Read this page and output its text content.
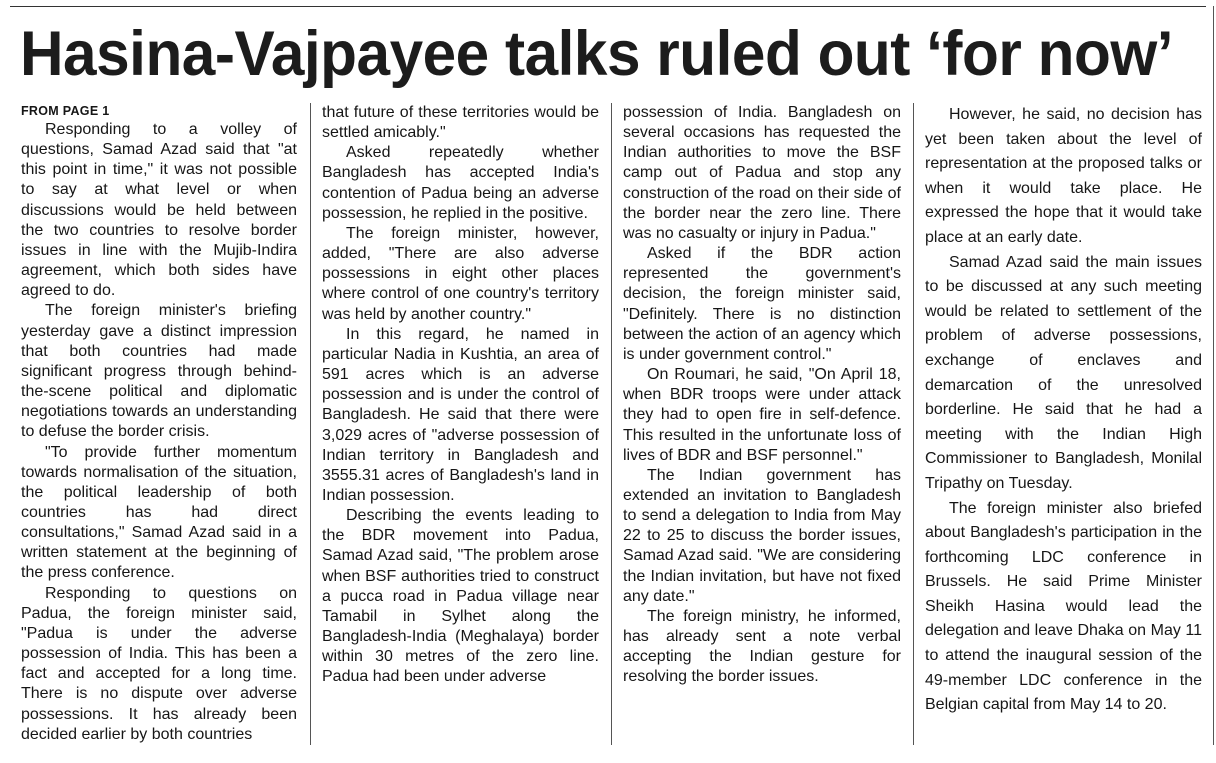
Hasina-Vajpayee talks ruled out ‘for now’
FROM PAGE 1

Responding to a volley of questions, Samad Azad said that "at this point in time," it was not possible to say at what level or when discussions would be held between the two countries to resolve border issues in line with the Mujib-Indira agreement, which both sides have agreed to do.

The foreign minister's briefing yesterday gave a distinct impression that both countries had made significant progress through behind-the-scene political and diplomatic negotiations towards an understanding to defuse the border crisis.

"To provide further momentum towards normalisation of the situation, the political leadership of both countries has had direct consultations," Samad Azad said in a written statement at the beginning of the press conference.

Responding to questions on Padua, the foreign minister said, "Padua is under the adverse possession of India. This has been a fact and accepted for a long time. There is no dispute over adverse possessions. It has already been decided earlier by both countries

that future of these territories would be settled amicably."

Asked repeatedly whether Bangladesh has accepted India's contention of Padua being an adverse possession, he replied in the positive.

The foreign minister, however, added, "There are also adverse possessions in eight other places where control of one country's territory was held by another country."

In this regard, he named in particular Nadia in Kushtia, an area of 591 acres which is an adverse possession and is under the control of Bangladesh. He said that there were 3,029 acres of "adverse possession of Indian territory in Bangladesh and 3555.31 acres of Bangladesh's land in Indian possession.

Describing the events leading to the BDR movement into Padua, Samad Azad said, "The problem arose when BSF authorities tried to construct a pucca road in Padua village near Tamabil in Sylhet along the Bangladesh-India (Meghalaya) border within 30 metres of the zero line. Padua had been under adverse

possession of India. Bangladesh on several occasions has requested the Indian authorities to move the BSF camp out of Padua and stop any construction of the road on their side of the border near the zero line. There was no casualty or injury in Padua."

Asked if the BDR action represented the government's decision, the foreign minister said, "Definitely. There is no distinction between the action of an agency which is under government control."

On Roumari, he said, "On April 18, when BDR troops were under attack they had to open fire in self-defence. This resulted in the unfortunate loss of lives of BDR and BSF personnel."

The Indian government has extended an invitation to Bangladesh to send a delegation to India from May 22 to 25 to discuss the border issues, Samad Azad said. "We are considering the Indian invitation, but have not fixed any date."

The foreign ministry, he informed, has already sent a note verbal accepting the Indian gesture for resolving the border issues.

However, he said, no decision has yet been taken about the level of representation at the proposed talks or when it would take place. He expressed the hope that it would take place at an early date.

Samad Azad said the main issues to be discussed at any such meeting would be related to settlement of the problem of adverse possessions, exchange of enclaves and demarcation of the unresolved borderline. He said that he had a meeting with the Indian High Commissioner to Bangladesh, Monilal Tripathy on Tuesday.

The foreign minister also briefed about Bangladesh's participation in the forthcoming LDC conference in Brussels. He said Prime Minister Sheikh Hasina would lead the delegation and leave Dhaka on May 11 to attend the inaugural session of the 49-member LDC conference in the Belgian capital from May 14 to 20.
